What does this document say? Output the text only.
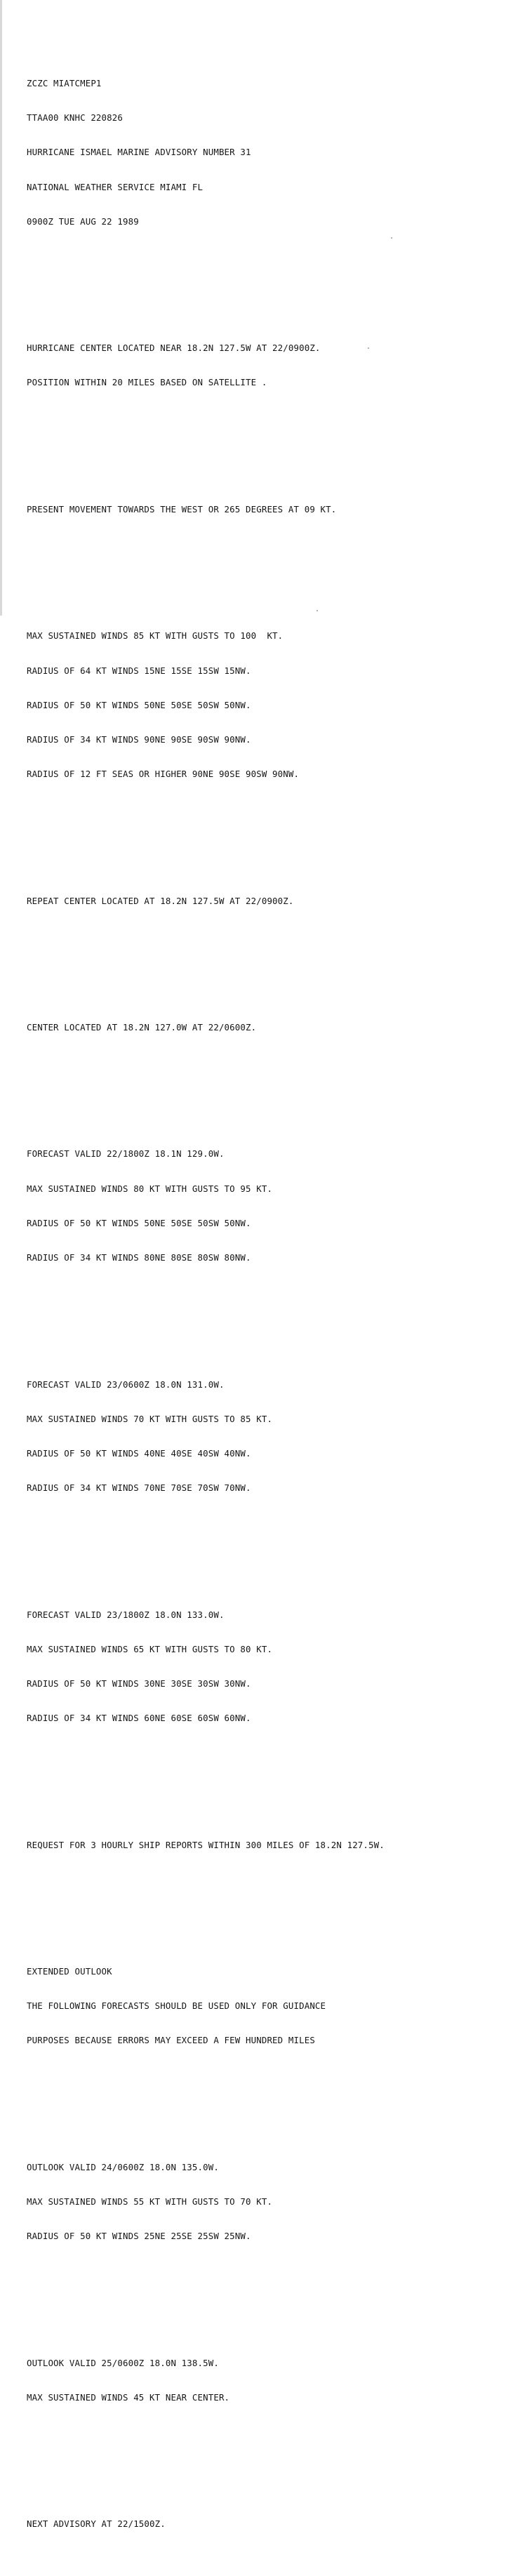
ZCZC MIATCMEP1

TTAA00 KNHC 220826

HURRICANE ISMAEL MARINE ADVISORY NUMBER 31

NATIONAL WEATHER SERVICE MIAMI FL

0900Z TUE AUG 22 1989

HURRICANE CENTER LOCATED NEAR 18.2N 127.5W AT 22/0900Z.

POSITION WITHIN 20 MILES BASED ON SATELLITE .

PRESENT MOVEMENT TOWARDS THE WEST OR 265 DEGREES AT 09 KT.

MAX SUSTAINED WINDS 85 KT WITH GUSTS TO 100  KT.

RADIUS OF 64 KT WINDS 15NE 15SE 15SW 15NW.

RADIUS OF 50 KT WINDS 50NE 50SE 50SW 50NW.

RADIUS OF 34 KT WINDS 90NE 90SE 90SW 90NW.

RADIUS OF 12 FT SEAS OR HIGHER 90NE 90SE 90SW 90NW.

REPEAT CENTER LOCATED AT 18.2N 127.5W AT 22/0900Z.

CENTER LOCATED AT 18.2N 127.0W AT 22/0600Z.

FORECAST VALID 22/1800Z 18.1N 129.0W.

MAX SUSTAINED WINDS 80 KT WITH GUSTS TO 95 KT.

RADIUS OF 50 KT WINDS 50NE 50SE 50SW 50NW.

RADIUS OF 34 KT WINDS 80NE 80SE 80SW 80NW.

FORECAST VALID 23/0600Z 18.0N 131.0W.

MAX SUSTAINED WINDS 70 KT WITH GUSTS TO 85 KT.

RADIUS OF 50 KT WINDS 40NE 40SE 40SW 40NW.

RADIUS OF 34 KT WINDS 70NE 70SE 70SW 70NW.

FORECAST VALID 23/1800Z 18.0N 133.0W.

MAX SUSTAINED WINDS 65 KT WITH GUSTS TO 80 KT.

RADIUS OF 50 KT WINDS 30NE 30SE 30SW 30NW.

RADIUS OF 34 KT WINDS 60NE 60SE 60SW 60NW.

REQUEST FOR 3 HOURLY SHIP REPORTS WITHIN 300 MILES OF 18.2N 127.5W.

EXTENDED OUTLOOK

THE FOLLOWING FORECASTS SHOULD BE USED ONLY FOR GUIDANCE

PURPOSES BECAUSE ERRORS MAY EXCEED A FEW HUNDRED MILES

OUTLOOK VALID 24/0600Z 18.0N 135.0W.

MAX SUSTAINED WINDS 55 KT WITH GUSTS TO 70 KT.

RADIUS OF 50 KT WINDS 25NE 25SE 25SW 25NW.

OUTLOOK VALID 25/0600Z 18.0N 138.5W.

MAX SUSTAINED WINDS 45 KT NEAR CENTER.

NEXT ADVISORY AT 22/1500Z.
